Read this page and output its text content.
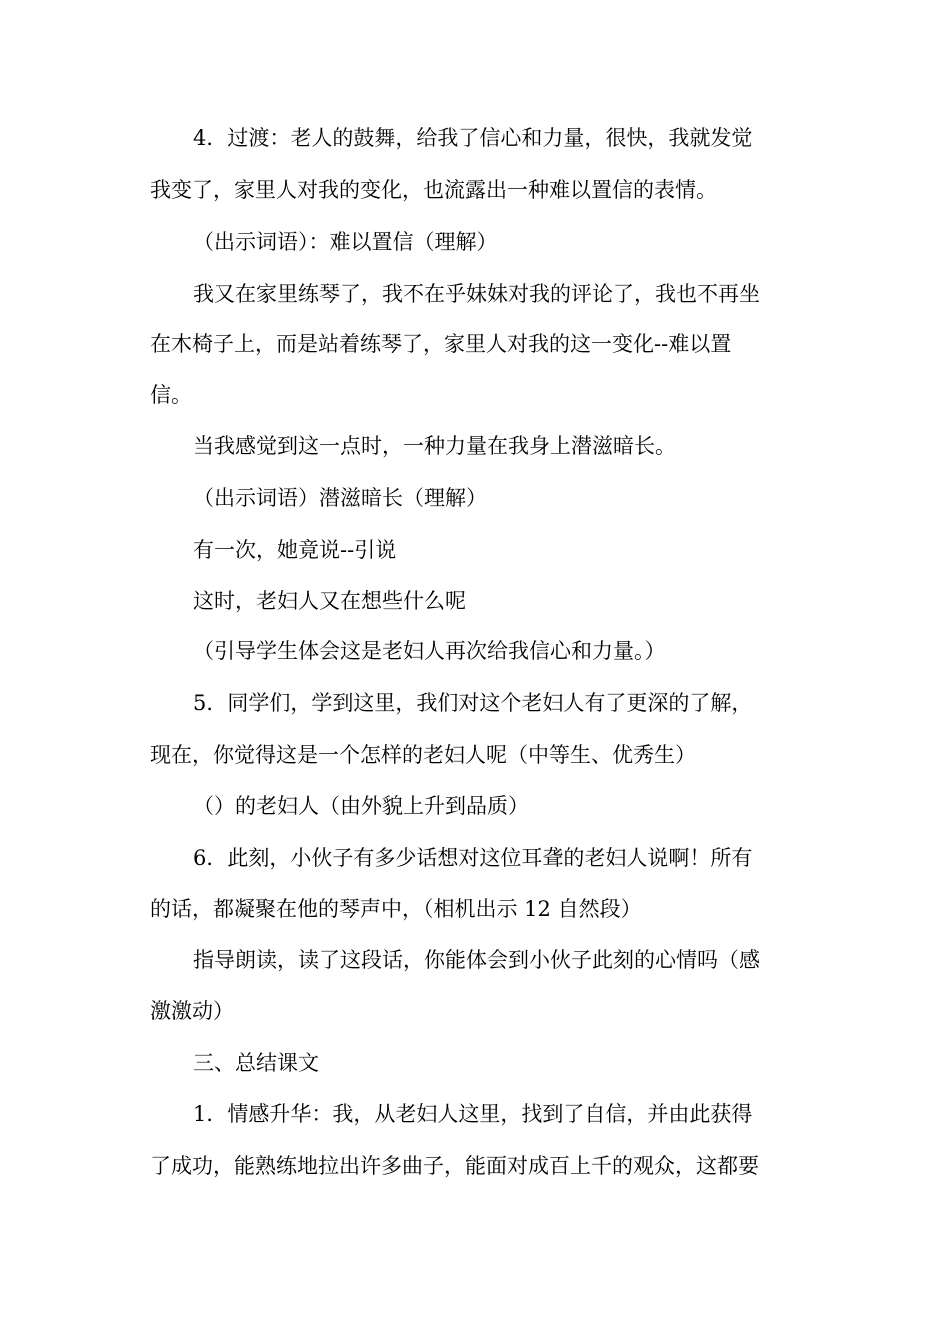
4．过渡：老人的鼓舞，给我了信心和力量，很快，我就发觉
我变了，家里人对我的变化，也流露出一种难以置信的表情。
（出示词语）：难以置信（理解）
我又在家里练琴了，我不在乎妹妹对我的评论了，我也不再坐
在木椅子上，而是站着练琴了，家里人对我的这一变化--难以置
信。
当我感觉到这一点时，一种力量在我身上潜滋暗长。
（出示词语）潜滋暗长（理解）
有一次，她竟说--引说
这时，老妇人又在想些什么呢
（引导学生体会这是老妇人再次给我信心和力量。）
5．同学们，学到这里，我们对这个老妇人有了更深的了解，
现在，你觉得这是一个怎样的老妇人呢（中等生、优秀生）
（）的老妇人（由外貌上升到品质）
6．此刻，小伙子有多少话想对这位耳聋的老妇人说啊！所有
的话，都凝聚在他的琴声中，（相机出示 12 自然段）
指导朗读，读了这段话，你能体会到小伙子此刻的心情吗（感
激激动）
三、总结课文
1．情感升华：我，从老妇人这里，找到了自信，并由此获得
了成功，能熟练地拉出许多曲子，能面对成百上千的观众，这都要
